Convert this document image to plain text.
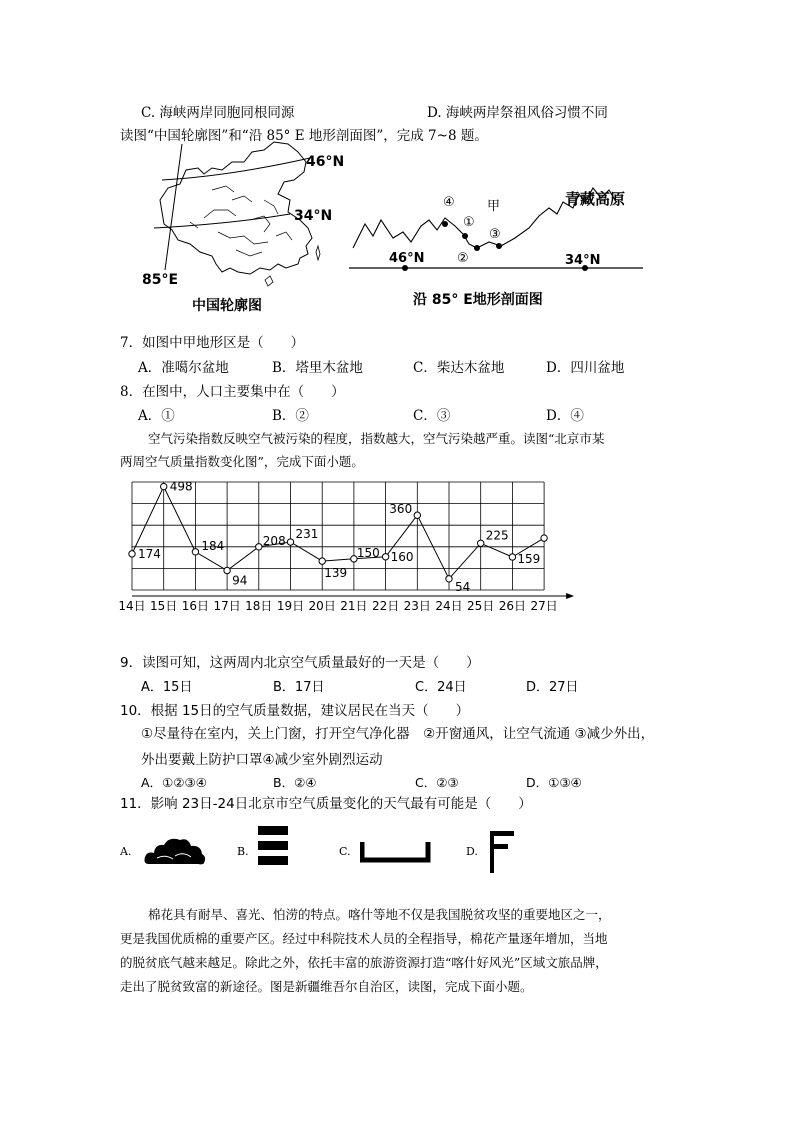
C. 海峡两岸同胞同根同源	D. 海峡两岸祭祖风俗习惯不同
读图“中国轮廓图”和“沿 85° E 地形剖面图”，完成 7~8 题。
46°N
34°N
85°E
中国轮廓图
④
①
②
③
甲	青藏高原
46°N	34°N
沿 85° E地形剖面图
7．如图中甲地形区是（　　）
A．准噶尔盆地	B．塔里木盆地	C．柴达木盆地	D．四川盆地
8．在图中，人口主要集中在（　　）
A．①	B．②	C．③	D．④
空气污染指数反映空气被污染的程度，指数越大，空气污染越严重。读图“北京市某
两周空气质量指数变化图”，完成下面小题。
14日 15日 16日 17日 18日 19日 20日 21日 22日 23日 24日 25日 26日 27日
174
498
184
94
208 231
139
150 160
360
54
225
159
9．读图可知，这两周内北京空气质量最好的一天是（　　）
A．15日	B．17日	C．24日	D．27日
10．根据 15日的空气质量数据，建议居民在当天（　　）
①尽量待在室内，关上门窗，打开空气净化器　②开窗通风，让空气流通 ③减少外出，
外出要戴上防护口罩④减少室外剧烈运动
A．①②③④	B．②④	C．②③	D．①③④
11．影响 23日-24日北京市空气质量变化的天气最有可能是（　　）
A.	B.	C.	D.
棉花具有耐旱、喜光、怕涝的特点。喀什等地不仅是我国脱贫攻坚的重要地区之一，
更是我国优质棉的重要产区。经过中科院技术人员的全程指导，棉花产量逐年增加，当地
的脱贫底气越来越足。除此之外，依托丰富的旅游资源打造“喀什好风光”区域文旅品牌，
走出了脱贫致富的新途径。图是新疆维吾尔自治区，读图，完成下面小题。
